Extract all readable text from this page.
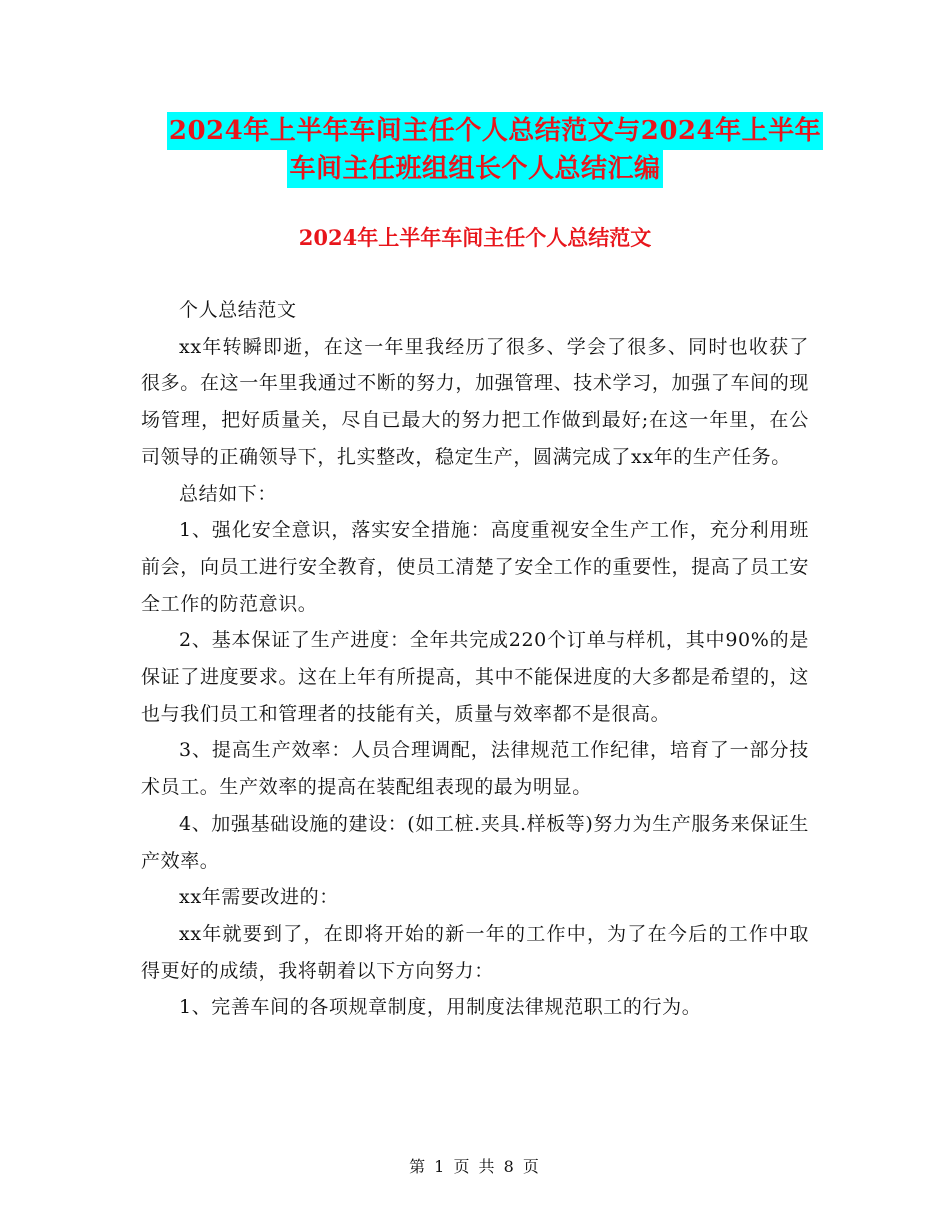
2024年上半年车间主任个人总结范文与2024年上半年
车间主任班组组长个人总结汇编
2024年上半年车间主任个人总结范文

个人总结范文

xx年转瞬即逝，在这一年里我经历了很多、学会了很多、同时也收获了很多。在这一年里我通过不断的努力，加强管理、技术学习，加强了车间的现场管理，把好质量关，尽自已最大的努力把工作做到最好;在这一年里，在公司领导的正确领导下，扎实整改，稳定生产，圆满完成了xx年的生产任务。

总结如下：

1、强化安全意识，落实安全措施：高度重视安全生产工作，充分利用班前会，向员工进行安全教育，使员工清楚了安全工作的重要性，提高了员工安全工作的防范意识。

2、基本保证了生产进度：全年共完成220个订单与样机，其中90%的是保证了进度要求。这在上年有所提高，其中不能保进度的大多都是希望的，这也与我们员工和管理者的技能有关，质量与效率都不是很高。

3、提高生产效率：人员合理调配，法律规范工作纪律，培育了一部分技术员工。生产效率的提高在装配组表现的最为明显。

4、加强基础设施的建设：(如工桩.夹具.样板等)努力为生产服务来保证生产效率。

xx年需要改进的：

xx年就要到了，在即将开始的新一年的工作中，为了在今后的工作中取得更好的成绩，我将朝着以下方向努力：

1、完善车间的各项规章制度，用制度法律规范职工的行为。

第 1 页 共 8 页
